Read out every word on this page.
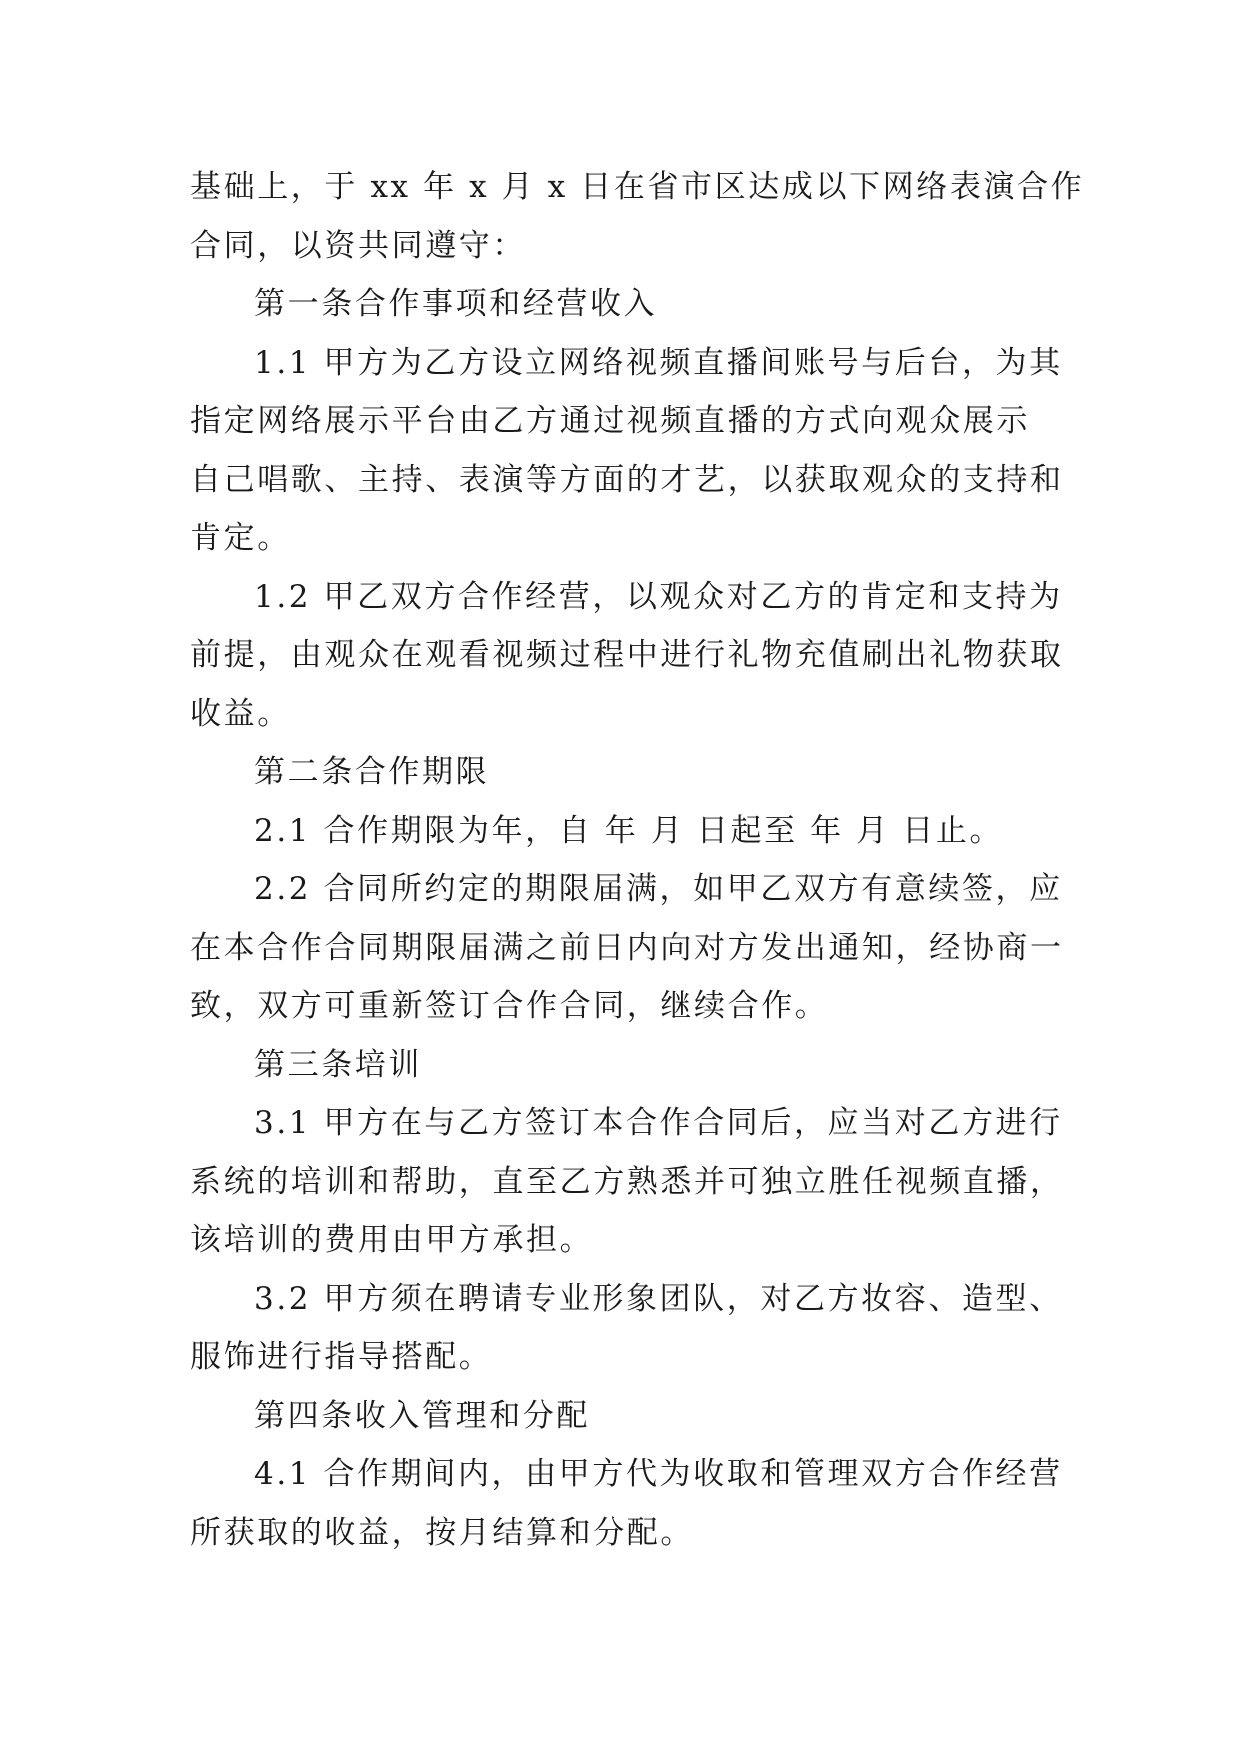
基础上，于 xx 年 x 月 x 日在省市区达成以下网络表演合作
合同，以资共同遵守：
第一条合作事项和经营收入
1.1 甲方为乙方设立网络视频直播间账号与后台，为其
指定网络展示平台由乙方通过视频直播的方式向观众展示
自己唱歌、主持、表演等方面的才艺，以获取观众的支持和
肯定。
1.2 甲乙双方合作经营，以观众对乙方的肯定和支持为
前提，由观众在观看视频过程中进行礼物充值刷出礼物获取
收益。
第二条合作期限
2.1 合作期限为年，自 年 月 日起至 年 月 日止。
2.2 合同所约定的期限届满，如甲乙双方有意续签，应
在本合作合同期限届满之前日内向对方发出通知，经协商一
致，双方可重新签订合作合同，继续合作。
第三条培训
3.1 甲方在与乙方签订本合作合同后，应当对乙方进行
系统的培训和帮助，直至乙方熟悉并可独立胜任视频直播，
该培训的费用由甲方承担。
3.2 甲方须在聘请专业形象团队，对乙方妆容、造型、
服饰进行指导搭配。
第四条收入管理和分配
4.1 合作期间内，由甲方代为收取和管理双方合作经营
所获取的收益，按月结算和分配。
